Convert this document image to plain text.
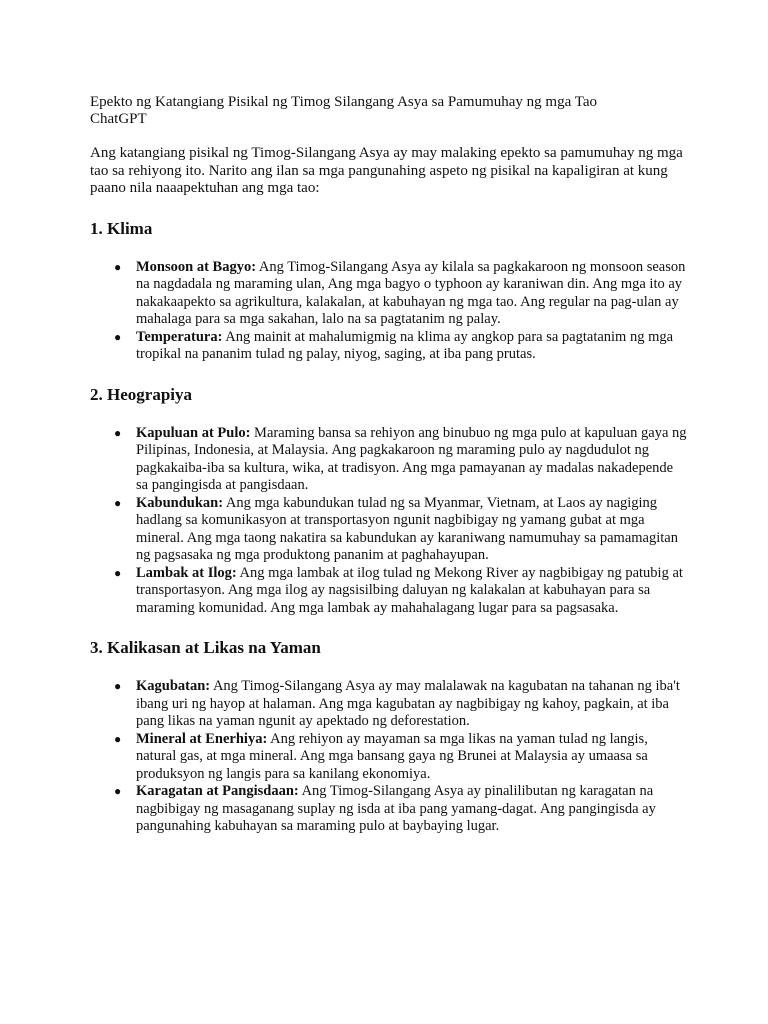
Epekto ng Katangiang Pisikal ng Timog Silangang Asya sa Pamumuhay ng mga Tao
ChatGPT

Ang katangiang pisikal ng Timog-Silangang Asya ay may malaking epekto sa pamumuhay ng mga tao sa rehiyong ito. Narito ang ilan sa mga pangunahing aspeto ng pisikal na kapaligiran at kung paano nila naaapektuhan ang mga tao:

1. Klima
● Monsoon at Bagyo: Ang Timog-Silangang Asya ay kilala sa pagkakaroon ng monsoon season na nagdadala ng maraming ulan, Ang mga bagyo o typhoon ay karaniwan din. Ang mga ito ay nakakaapekto sa agrikultura, kalakalan, at kabuhayan ng mga tao. Ang regular na pag-ulan ay mahalaga para sa mga sakahan, lalo na sa pagtatanim ng palay.
● Temperatura: Ang mainit at mahalumigmig na klima ay angkop para sa pagtatanim ng mga tropikal na pananim tulad ng palay, niyog, saging, at iba pang prutas.
2. Heograpiya
● Kapuluan at Pulo: Maraming bansa sa rehiyon ang binubuo ng mga pulo at kapuluan gaya ng Pilipinas, Indonesia, at Malaysia. Ang pagkakaroon ng maraming pulo ay nagdudulot ng pagkakaiba-iba sa kultura, wika, at tradisyon. Ang mga pamayanan ay madalas nakadepende sa pangingisda at pangisdaan.
● Kabundukan: Ang mga kabundukan tulad ng sa Myanmar, Vietnam, at Laos ay nagiging hadlang sa komunikasyon at transportasyon ngunit nagbibigay ng yamang gubat at mga mineral. Ang mga taong nakatira sa kabundukan ay karaniwang namumuhay sa pamamagitan ng pagsasaka ng mga produktong pananim at paghahayupan.
● Lambak at Ilog: Ang mga lambak at ilog tulad ng Mekong River ay nagbibigay ng patubig at transportasyon. Ang mga ilog ay nagsisilbing daluyan ng kalakalan at kabuhayan para sa maraming komunidad. Ang mga lambak ay mahahalagang lugar para sa pagsasaka.
3. Kalikasan at Likas na Yaman
● Kagubatan: Ang Timog-Silangang Asya ay may malalawak na kagubatan na tahanan ng iba't ibang uri ng hayop at halaman. Ang mga kagubatan ay nagbibigay ng kahoy, pagkain, at iba pang likas na yaman ngunit ay apektado ng deforestation.
● Mineral at Enerhiya: Ang rehiyon ay mayaman sa mga likas na yaman tulad ng langis, natural gas, at mga mineral. Ang mga bansang gaya ng Brunei at Malaysia ay umaasa sa produksyon ng langis para sa kanilang ekonomiya.
● Karagatan at Pangisdaan: Ang Timog-Silangang Asya ay pinalilibutan ng karagatan na nagbibigay ng masaganang suplay ng isda at iba pang yamang-dagat. Ang pangingisda ay pangunahing kabuhayan sa maraming pulo at baybaying lugar.
